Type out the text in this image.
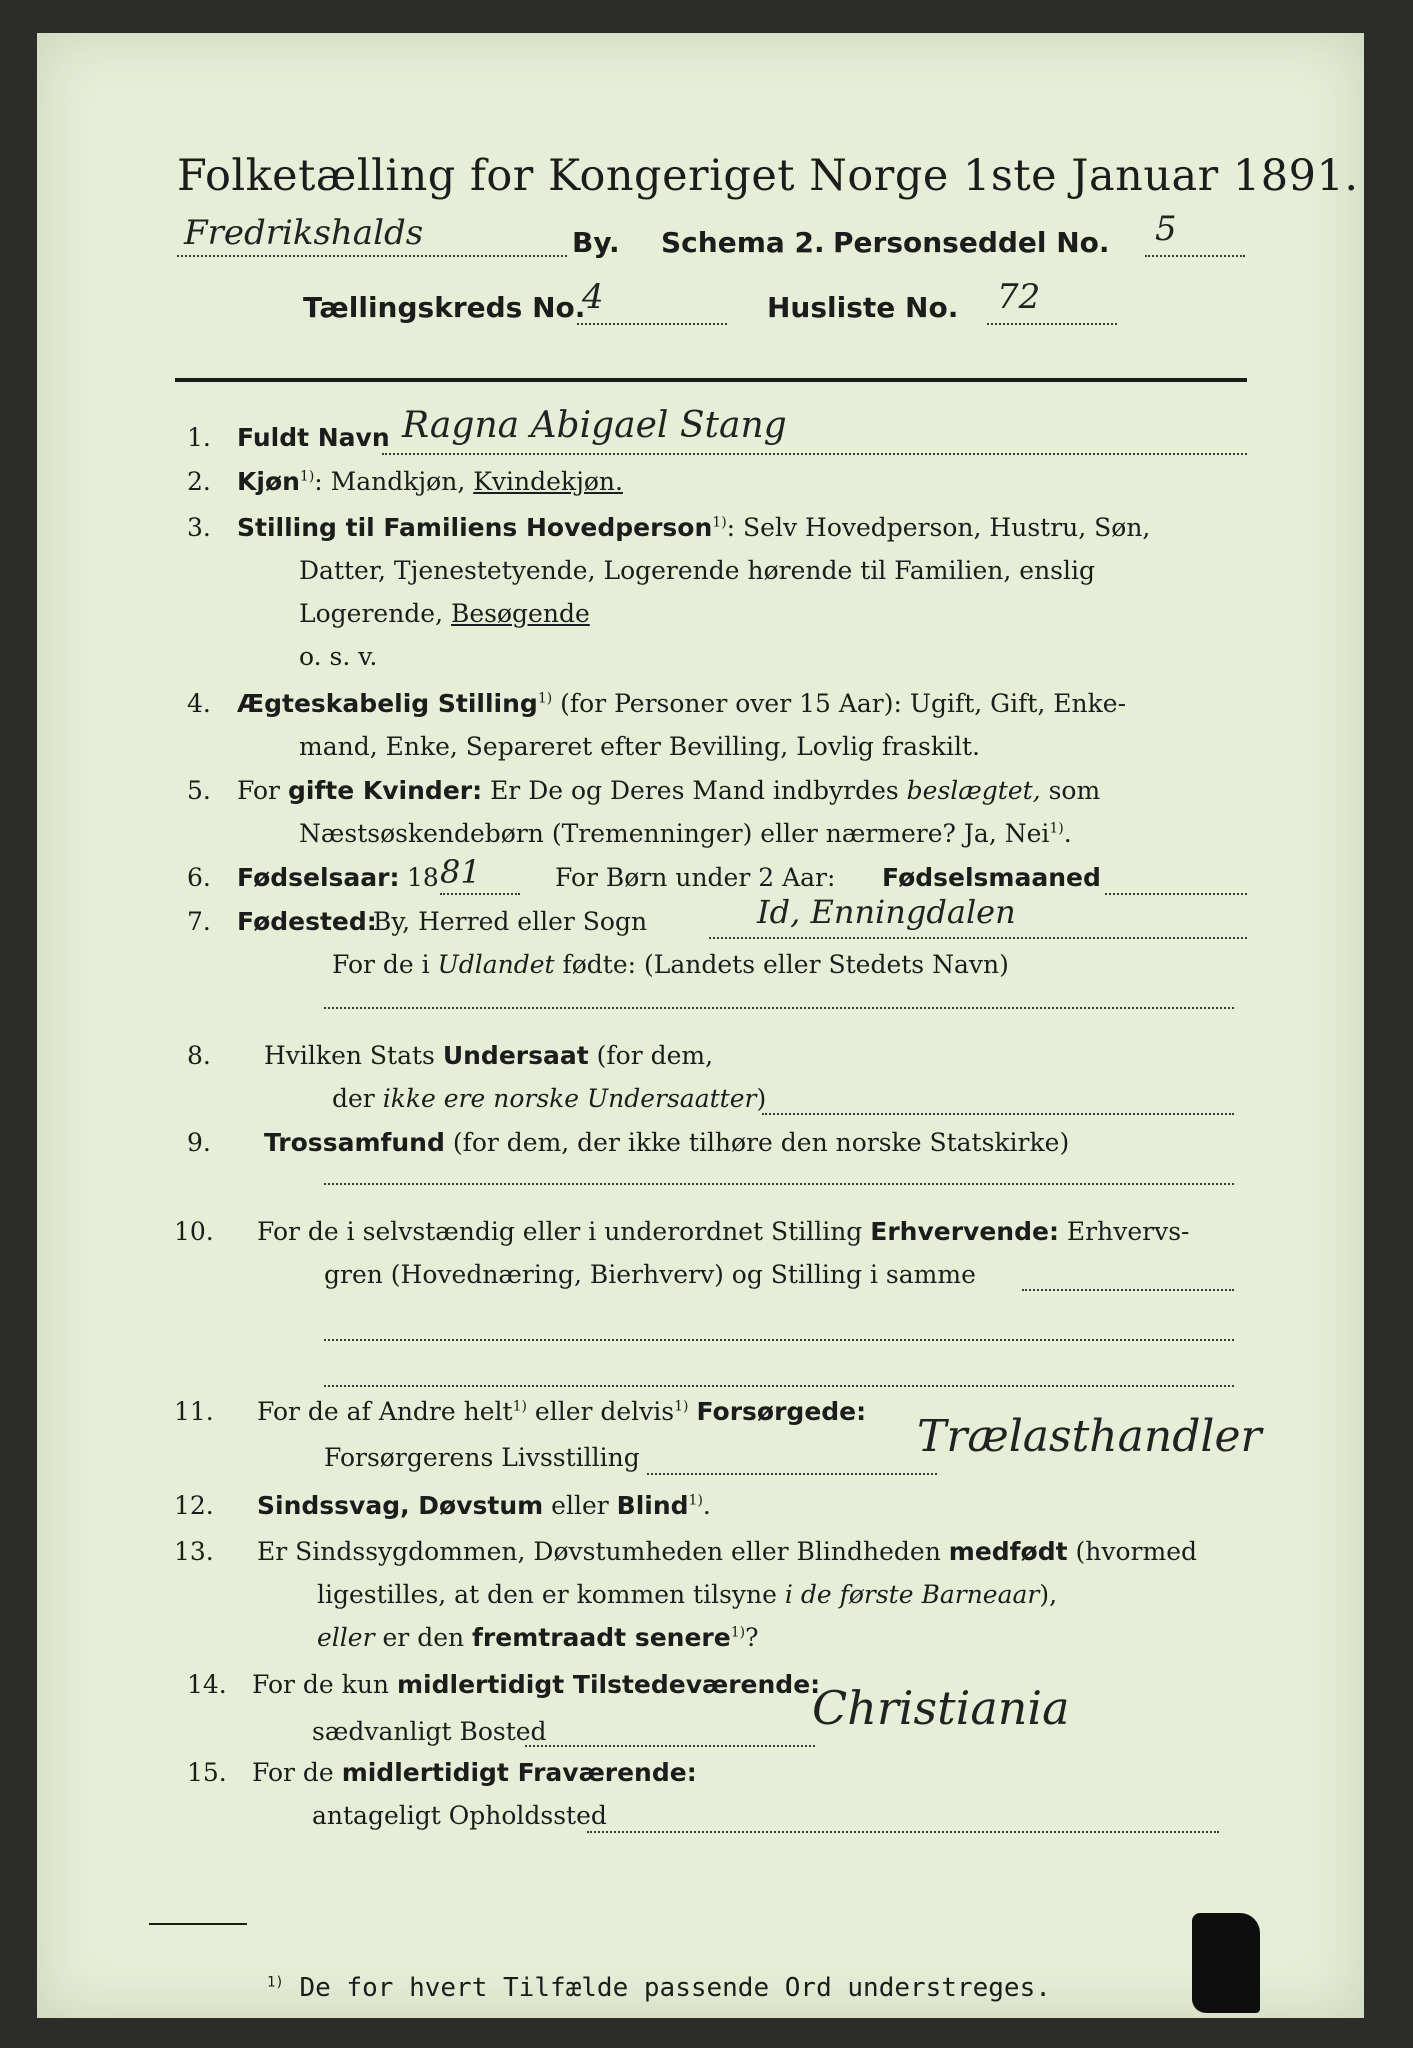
Folketælling for Kongeriget Norge 1ste Januar 1891.
Fredrikshalds	By. Schema 2. Personseddel No. 5
Tællingskreds No.
4	Husliste No. 72
1. Fuldt Navn Ragna Abigael Stang
2. Kjøn$^{1)}$: Mandkjøn, Kvindekjøn.
3. Stilling til Familiens Hovedperson$^{1)}$: Selv Hovedperson, Hustru, Søn,
Datter, Tjenestetyende, Logerende hørende til Familien, enslig
Logerende, Besøgende
o. s. v.
4. Ægteskabelig Stilling$^{1)}$ (for Personer over 15 Aar): Ugift, Gift, Enke-
mand, Enke, Separeret efter Bevilling, Lovlig fraskilt.
5. For gifte Kvinder: Er De og Deres Mand indbyrdes beslægtet, som
Næstsøskendebørn (Tremenninger) eller nærmere? Ja, Nei$^{1)}$.
6. Fødselsaar: 18 81	For Børn under 2 Aar: Fødselsmaaned
7. Fødested:
By, Herred eller Sogn	Id, Enningdalen
For de i Udlandet fødte: (Landets eller Stedets Navn)
8. Hvilken Stats Undersaat (for dem,
der ikke ere norske Undersaatter)
9. Trossamfund (for dem, der ikke tilhøre den norske Statskirke)
10. For de i selvstændig eller i underordnet Stilling Erhvervende: Erhvervs-
gren (Hovednæring, Bierhverv) og Stilling i samme
11. For de af Andre helt$^{1)}$ eller delvis$^{1)}$ Forsørgede:
Forsørgerens Livsstilling	Trælasthandler
12. Sindssvag, Døvstum eller Blind$^{1)}$.
13. Er Sindssygdommen, Døvstumheden eller Blindheden medfødt (hvormed
ligestilles, at den er kommen tilsyne i de første Barneaar),
eller er den fremtraadt senere$^{1)}$?
14. For de kun midlertidigt Tilstedeværende:
sædvanligt Bosted	Christiania
15. For de midlertidigt Fraværende:
antageligt Opholdssted
$^{1)}$ De for hvert Tilfælde passende Ord understreges.
